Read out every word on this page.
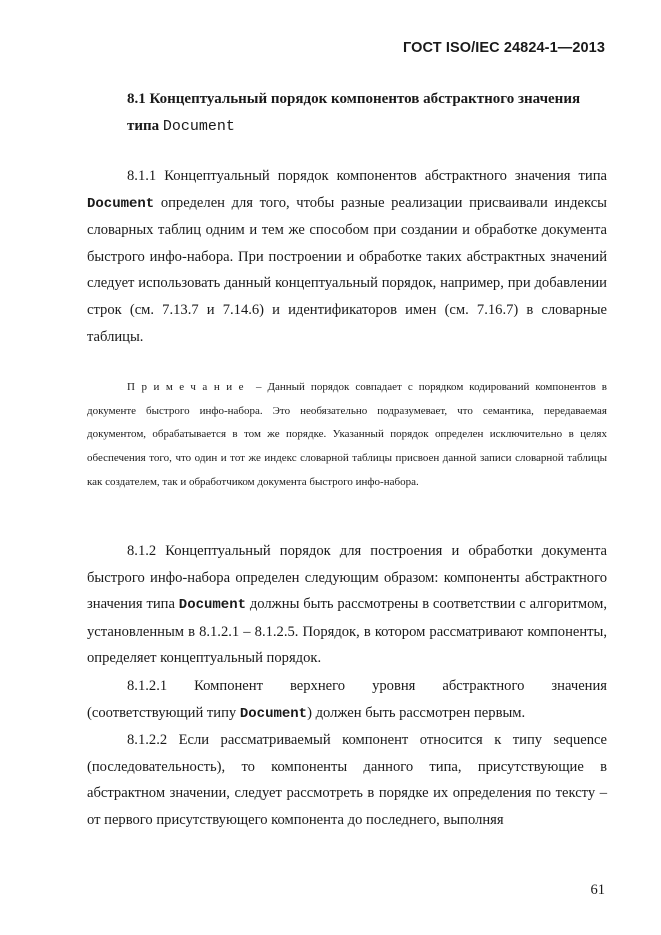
ГОСТ ISO/IEC 24824-1—2013
8.1 Концептуальный порядок компонентов абстрактного значения типа Document
8.1.1 Концептуальный порядок компонентов абстрактного значения типа Document определен для того, чтобы разные реализации присваивали индексы словарных таблиц одним и тем же способом при создании и обработке документа быстрого инфо-набора. При построении и обработке таких абстрактных значений следует использовать данный концептуальный порядок, например, при добавлении строк (см. 7.13.7 и 7.14.6) и идентификаторов имен (см. 7.16.7) в словарные таблицы.
Примечание – Данный порядок совпадает с порядком кодирований компонентов в документе быстрого инфо-набора. Это необязательно подразумевает, что семантика, передаваемая документом, обрабатывается в том же порядке. Указанный порядок определен исключительно в целях обеспечения того, что один и тот же индекс словарной таблицы присвоен данной записи словарной таблицы как создателем, так и обработчиком документа быстрого инфо-набора.
8.1.2 Концептуальный порядок для построения и обработки документа быстрого инфо-набора определен следующим образом: компоненты абстрактного значения типа Document должны быть рассмотрены в соответствии с алгоритмом, установленным в 8.1.2.1 – 8.1.2.5. Порядок, в котором рассматривают компоненты, определяет концептуальный порядок.
8.1.2.1 Компонент верхнего уровня абстрактного значения (соответствующий типу Document) должен быть рассмотрен первым.
8.1.2.2 Если рассматриваемый компонент относится к типу sequence (последовательность), то компоненты данного типа, присутствующие в абстрактном значении, следует рассмотреть в порядке их определения по тексту – от первого присутствующего компонента до последнего, выполняя
61
